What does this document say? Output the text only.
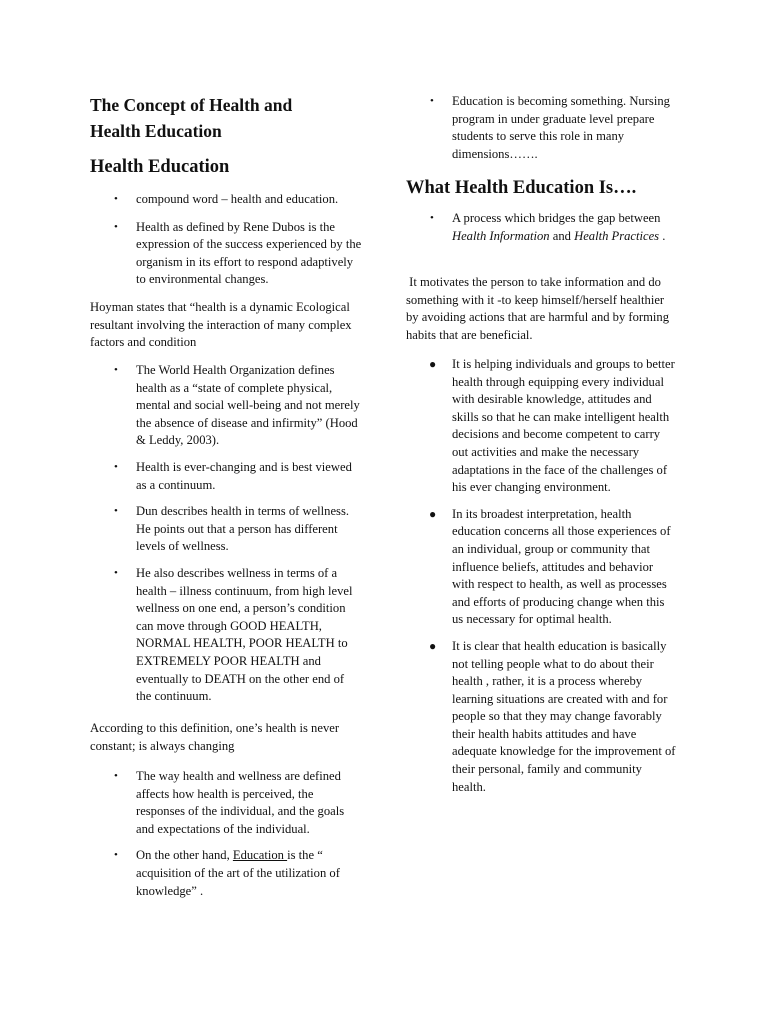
The Concept of Health and
Health Education
Health Education
• compound word – health and education.
• Health as defined by Rene Dubos is the expression of the success experienced by the organism in its effort to respond adaptively to environmental changes.

Hoyman states that “health is a dynamic Ecological resultant involving the interaction of many complex factors and condition

• The World Health Organization defines health as a “state of complete physical, mental and social well-being and not merely the absence of disease and infirmity” (Hood & Leddy, 2003).
• Health is ever-changing and is best viewed as a continuum.
• Dun describes health in terms of wellness. He points out that a person has different levels of wellness.
• He also describes wellness in terms of a health – illness continuum, from high level wellness on one end, a person’s condition can move through GOOD HEALTH, NORMAL HEALTH, POOR HEALTH to EXTREMELY POOR HEALTH and eventually to DEATH on the other end of the continuum.

According to this definition, one’s health is never constant; is always changing

• The way health and wellness are defined affects how health is perceived, the responses of the individual, and the goals and expectations of the individual.
• On the other hand, Education is the “ acquisition of the art of the utilization of knowledge” .
• Education is becoming something. Nursing program in under graduate level prepare students to serve this role in many dimensions…….
What Health Education Is….
• A process which bridges the gap between Health Information and Health Practices .

It motivates the person to take information and do something with it -to keep himself/herself healthier by avoiding actions that are harmful and by forming habits that are beneficial.

● It is helping individuals and groups to better health through equipping every individual with desirable knowledge, attitudes and skills so that he can make intelligent health decisions and become competent to carry out activities and make the necessary adaptations in the face of the challenges of his ever changing environment.
● In its broadest interpretation, health education concerns all those experiences of an individual, group or community that influence beliefs, attitudes and behavior with respect to health, as well as processes and efforts of producing change when this us necessary for optimal health.
● It is clear that health education is basically not telling people what to do about their health , rather, it is a process whereby learning situations are created with and for people so that they may change favorably their health habits attitudes and have adequate knowledge for the improvement of their personal, family and community health.
